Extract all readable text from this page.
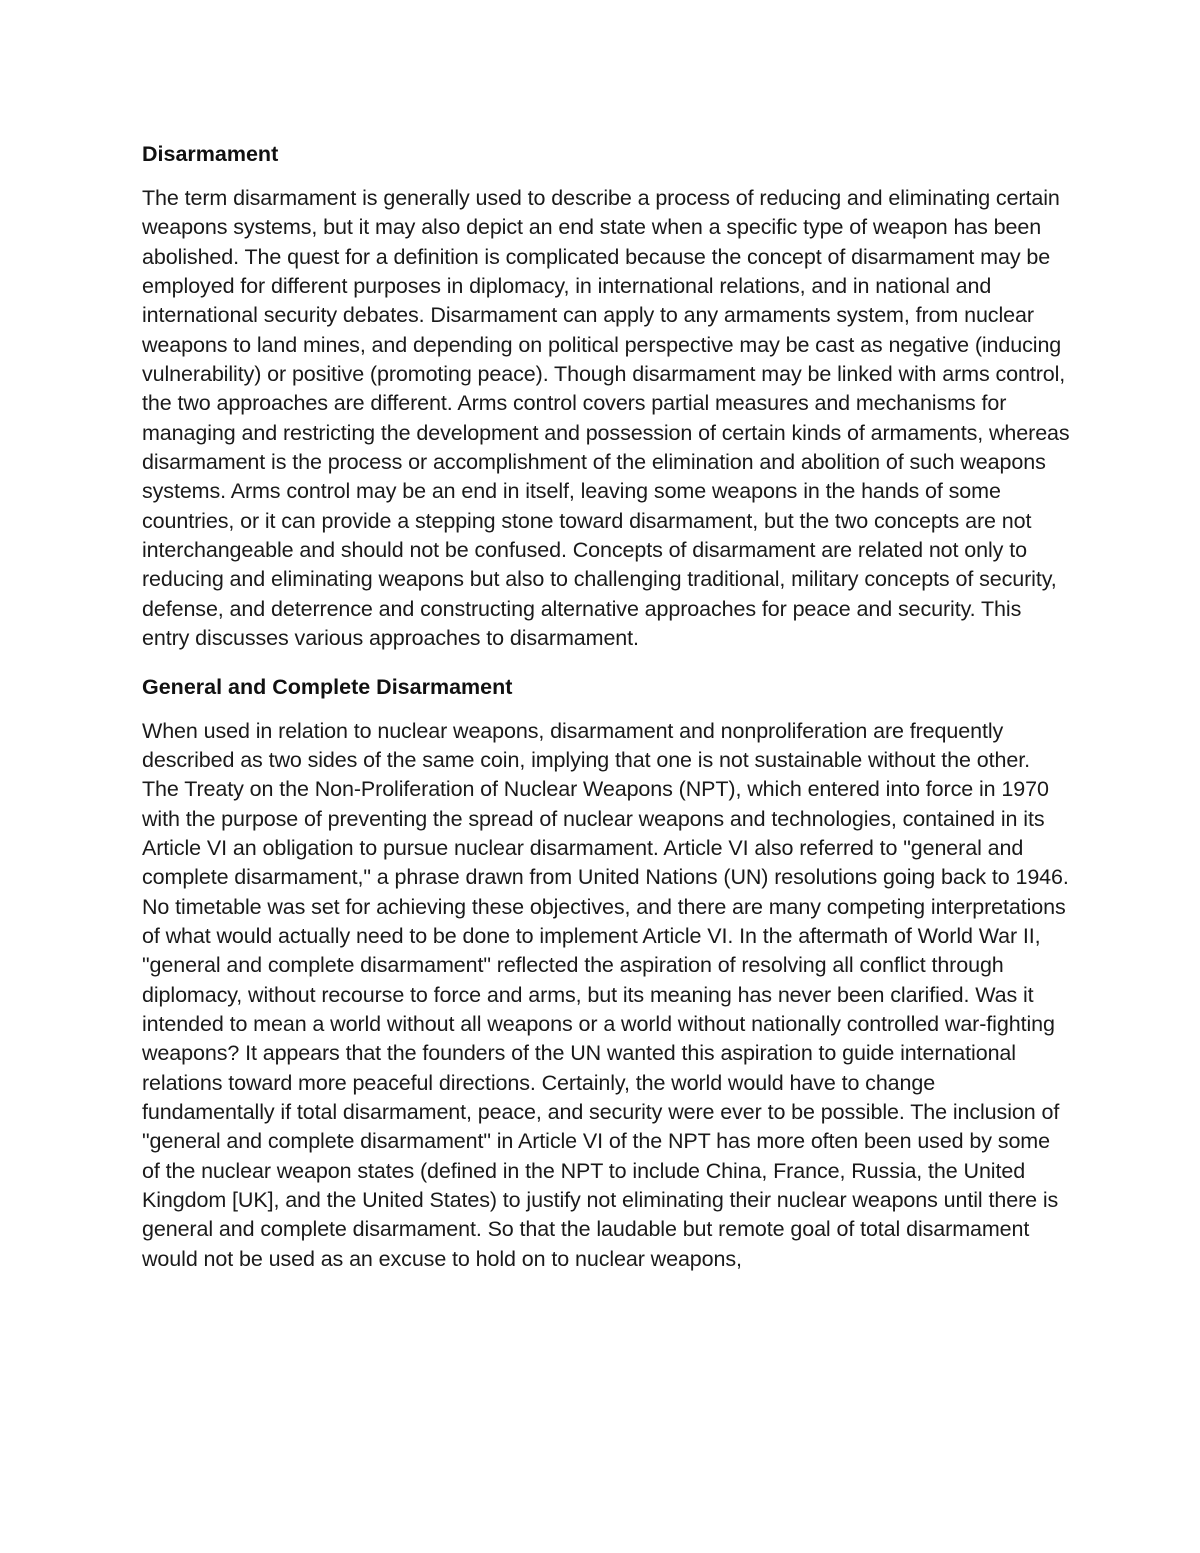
Disarmament

The term disarmament is generally used to describe a process of reducing and eliminating certain weapons systems, but it may also depict an end state when a specific type of weapon has been abolished. The quest for a definition is complicated because the concept of disarmament may be employed for different purposes in diplomacy, in international relations, and in national and international security debates. Disarmament can apply to any armaments system, from nuclear weapons to land mines, and depending on political perspective may be cast as negative (inducing vulnerability) or positive (promoting peace). Though disarmament may be linked with arms control, the two approaches are different. Arms control covers partial measures and mechanisms for managing and restricting the development and possession of certain kinds of armaments, whereas disarmament is the process or accomplishment of the elimination and abolition of such weapons systems. Arms control may be an end in itself, leaving some weapons in the hands of some countries, or it can provide a stepping stone toward disarmament, but the two concepts are not interchangeable and should not be confused. Concepts of disarmament are related not only to reducing and eliminating weapons but also to challenging traditional, military concepts of security, defense, and deterrence and constructing alternative approaches for peace and security. This entry discusses various approaches to disarmament.

General and Complete Disarmament

When used in relation to nuclear weapons, disarmament and nonproliferation are frequently described as two sides of the same coin, implying that one is not sustainable without the other. The Treaty on the Non-Proliferation of Nuclear Weapons (NPT), which entered into force in 1970 with the purpose of preventing the spread of nuclear weapons and technologies, contained in its Article VI an obligation to pursue nuclear disarmament. Article VI also referred to "general and complete disarmament," a phrase drawn from United Nations (UN) resolutions going back to 1946. No timetable was set for achieving these objectives, and there are many competing interpretations of what would actually need to be done to implement Article VI. In the aftermath of World War II, "general and complete disarmament" reflected the aspiration of resolving all conflict through diplomacy, without recourse to force and arms, but its meaning has never been clarified. Was it intended to mean a world without all weapons or a world without nationally controlled war-fighting weapons? It appears that the founders of the UN wanted this aspiration to guide international relations toward more peaceful directions. Certainly, the world would have to change fundamentally if total disarmament, peace, and security were ever to be possible. The inclusion of "general and complete disarmament" in Article VI of the NPT has more often been used by some of the nuclear weapon states (defined in the NPT to include China, France, Russia, the United Kingdom [UK], and the United States) to justify not eliminating their nuclear weapons until there is general and complete disarmament. So that the laudable but remote goal of total disarmament would not be used as an excuse to hold on to nuclear weapons,
